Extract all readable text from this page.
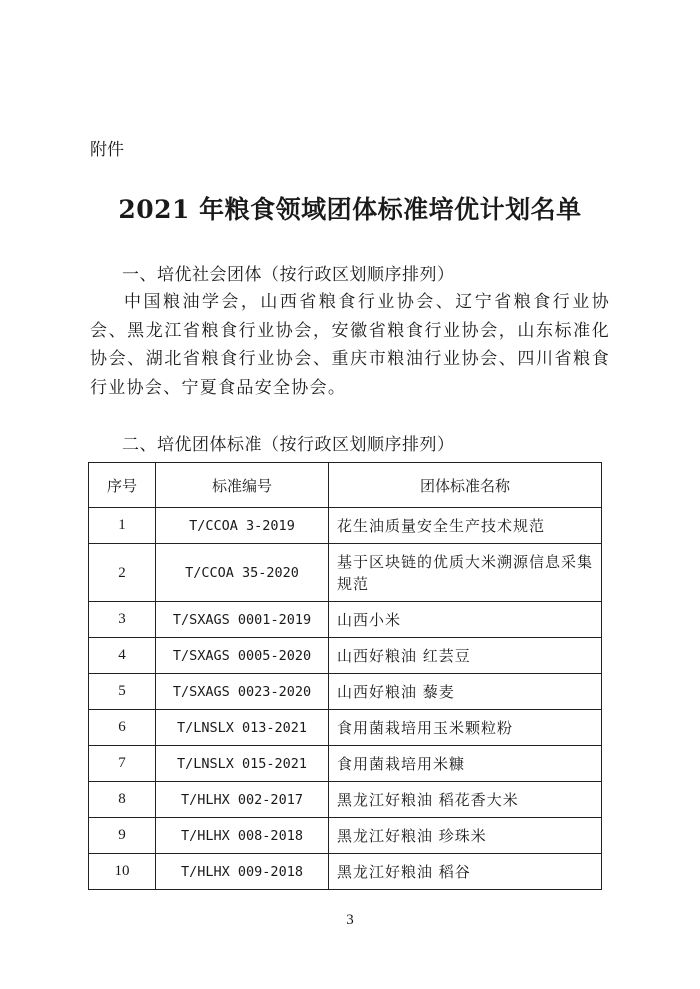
附件
2021 年粮食领域团体标准培优计划名单
一、培优社会团体（按行政区划顺序排列）
中国粮油学会，山西省粮食行业协会、辽宁省粮食行业协会、黑龙江省粮食行业协会，安徽省粮食行业协会，山东标准化协会、湖北省粮食行业协会、重庆市粮油行业协会、四川省粮食行业协会、宁夏食品安全协会。
二、培优团体标准（按行政区划顺序排列）
序号	标准编号	团体标准名称
1	T/CCOA 3-2019	花生油质量安全生产技术规范
2	T/CCOA 35-2020	基于区块链的优质大米溯源信息采集规范
3	T/SXAGS 0001-2019	山西小米
4	T/SXAGS 0005-2020	山西好粮油 红芸豆
5	T/SXAGS 0023-2020	山西好粮油 藜麦
6	T/LNSLX 013-2021	食用菌栽培用玉米颗粒粉
7	T/LNSLX 015-2021	食用菌栽培用米糠
8	T/HLHX 002-2017	黑龙江好粮油 稻花香大米
9	T/HLHX 008-2018	黑龙江好粮油 珍珠米
10	T/HLHX 009-2018	黑龙江好粮油 稻谷
3
